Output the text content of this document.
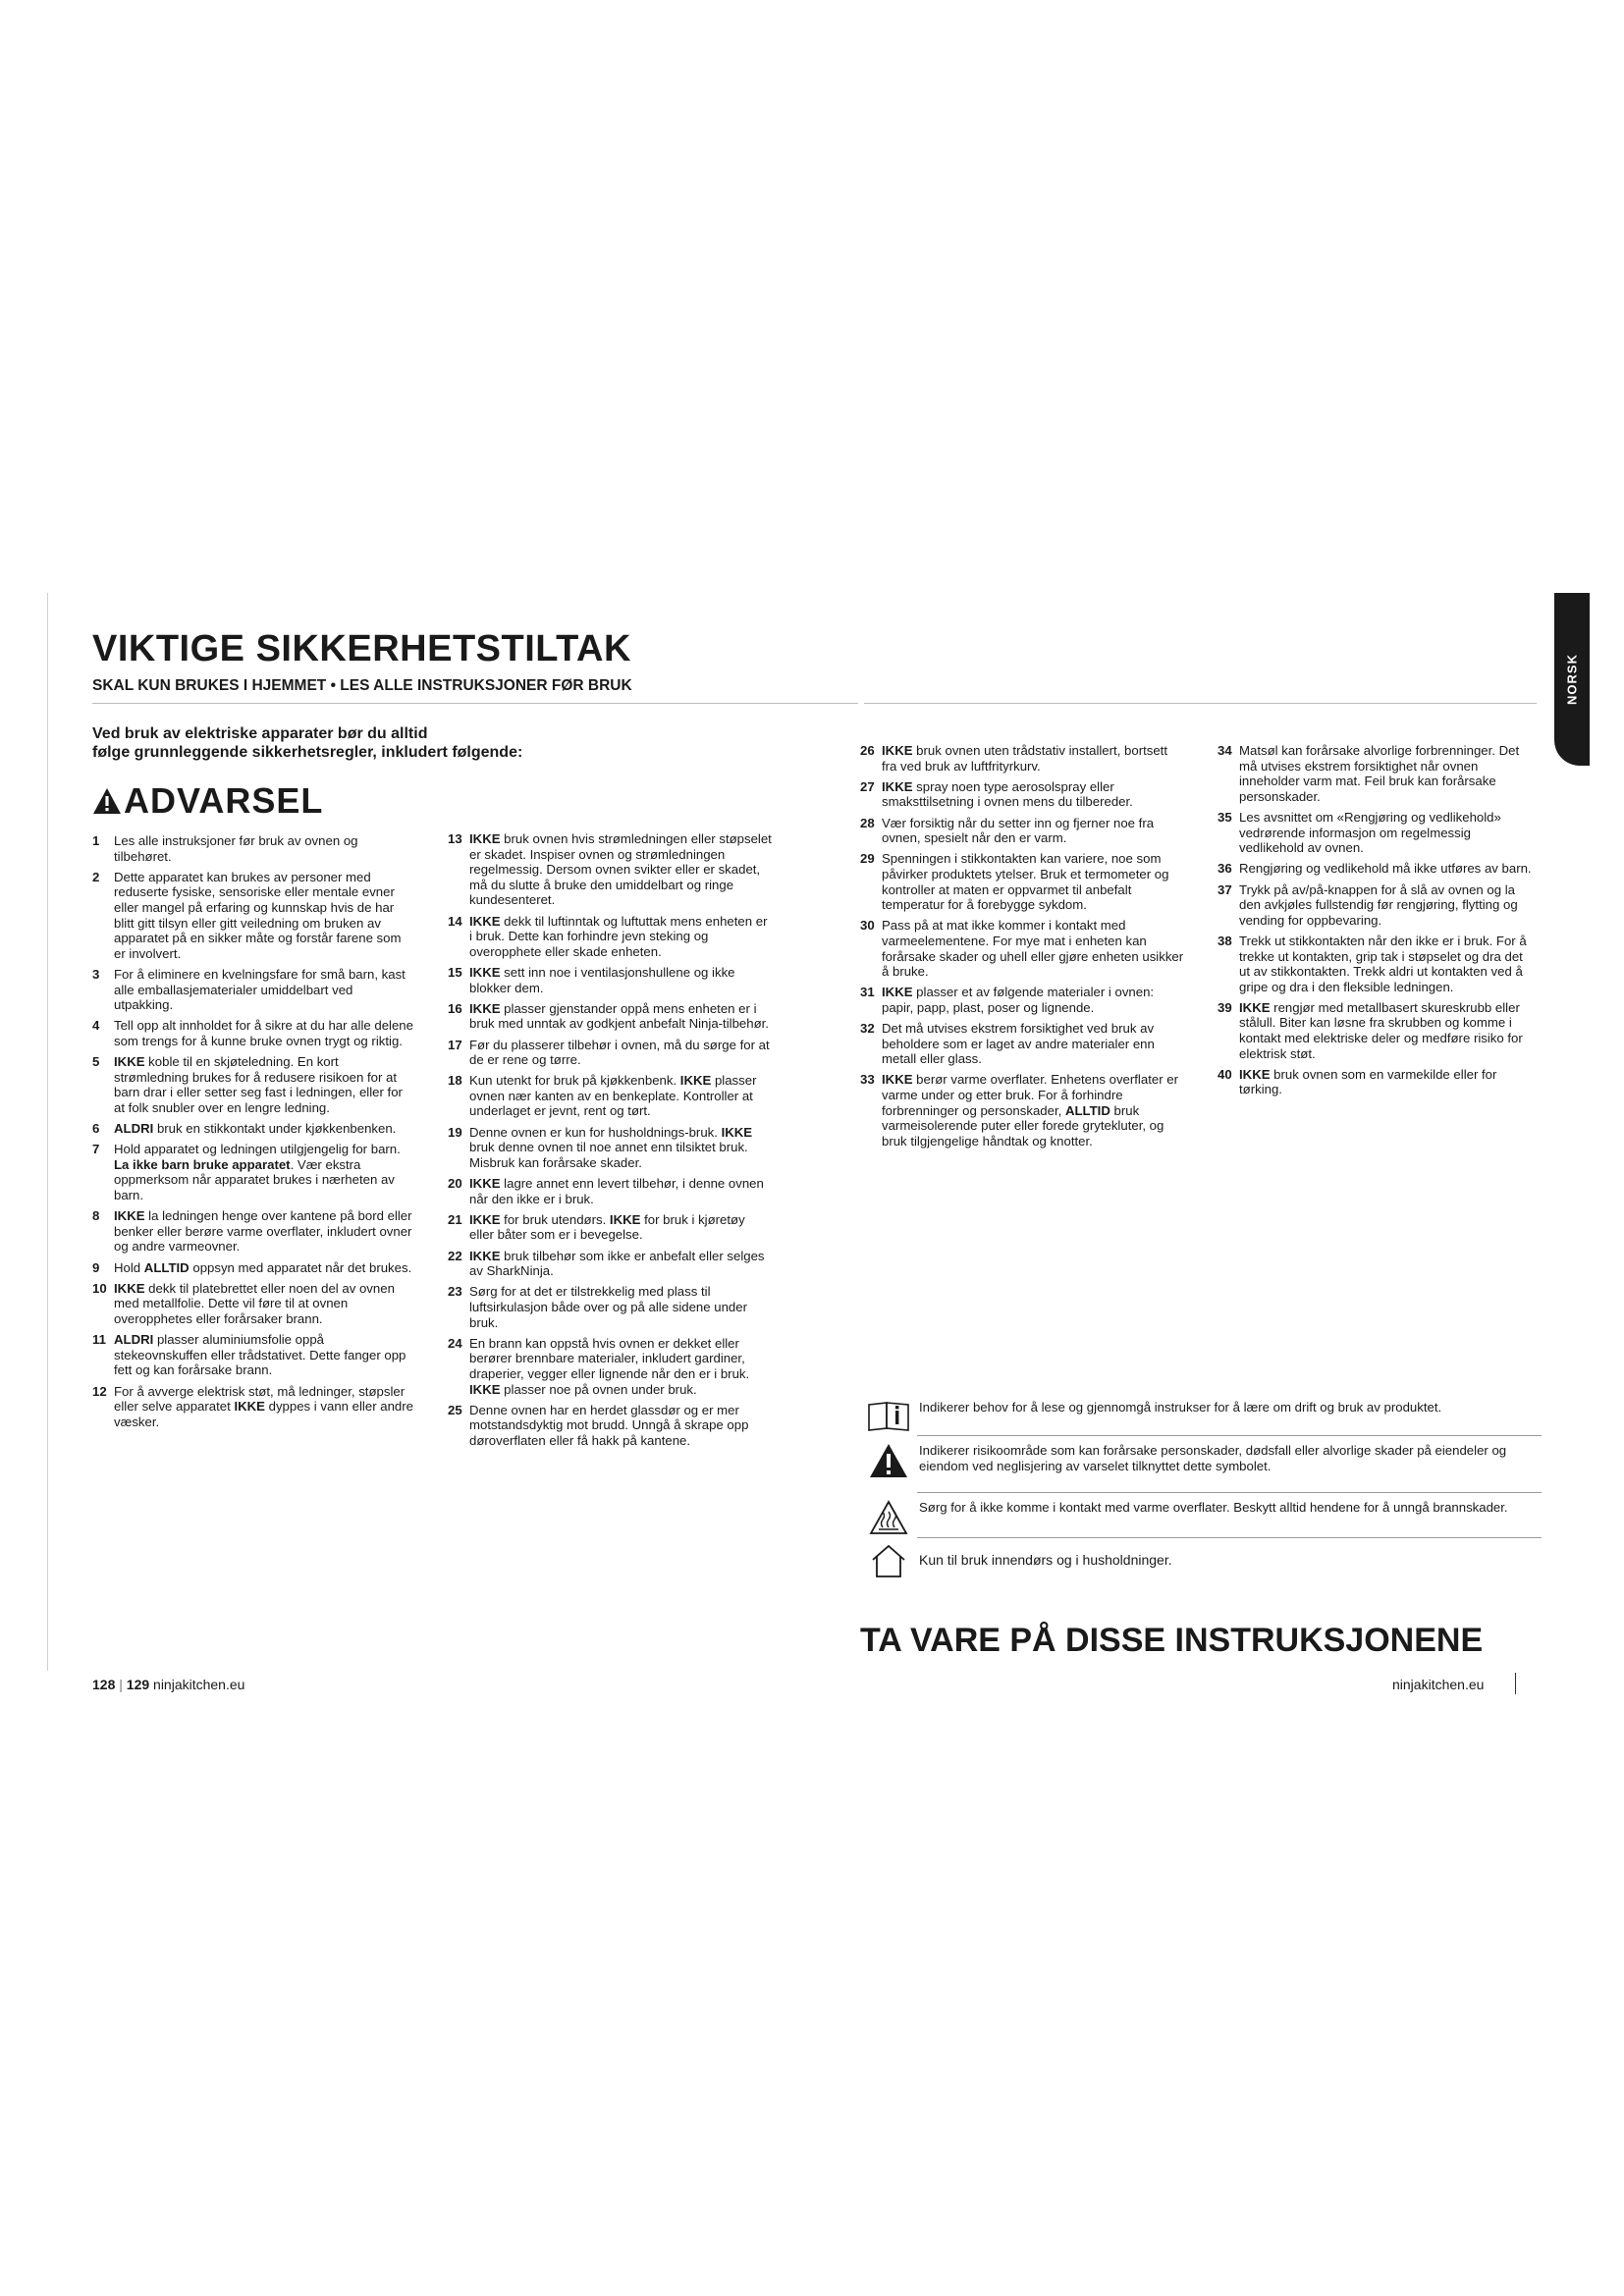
VIKTIGE SIKKERHETSTILTAK
SKAL KUN BRUKES I HJEMMET • LES ALLE INSTRUKSJONER FØR BRUK	NORSK

Ved bruk av elektriske apparater bør du alltid
følge grunnleggende sikkerhetsregler, inkludert følgende:

ADVARSEL
1	Les alle instruksjoner før bruk av ovnen og tilbehøret.
2	Dette apparatet kan brukes av personer med reduserte fysiske, sensoriske eller mentale evner eller mangel på erfaring og kunnskap hvis de har blitt gitt tilsyn eller gitt veiledning om bruken av apparatet på en sikker måte og forstår farene som er involvert.
3	For å eliminere en kvelningsfare for små barn, kast alle emballasjematerialer umiddelbart ved utpakking.
4	Tell opp alt innholdet for å sikre at du har alle delene som trengs for å kunne bruke ovnen trygt og riktig.
5	IKKE koble til en skjøteledning. En kort strømledning brukes for å redusere risikoen for at barn drar i eller setter seg fast i ledningen, eller for at folk snubler over en lengre ledning.
6	ALDRI bruk en stikkontakt under kjøkkenbenken.
7	Hold apparatet og ledningen utilgjengelig for barn. La ikke barn bruke apparatet. Vær ekstra oppmerksom når apparatet brukes i nærheten av barn.
8	IKKE la ledningen henge over kantene på bord eller benker eller berøre varme overflater, inkludert ovner og andre varmeovner.
9	Hold ALLTID oppsyn med apparatet når det brukes.
10 IKKE dekk til platebrettet eller noen del av ovnen med metallfolie. Dette vil føre til at ovnen overopphetes eller forårsaker brann.
11 ALDRI plasser aluminiumsfolie oppå stekeovnskuffen eller trådstativet. Dette fanger opp fett og kan forårsake brann.
12 For å avverge elektrisk støt, må ledninger, støpsler eller selve apparatet IKKE dyppes i vann eller andre væsker.
13 IKKE bruk ovnen hvis strømledningen eller støpselet er skadet. Inspiser ovnen og strømledningen regelmessig. Dersom ovnen svikter eller er skadet, må du slutte å bruke den umiddelbart og ringe kundesenteret.
14 IKKE dekk til luftinntak og luftuttak mens enheten er i bruk. Dette kan forhindre jevn steking og overopphete eller skade enheten.
15 IKKE sett inn noe i ventilasjonshullene og ikke blokker dem.
16 IKKE plasser gjenstander oppå mens enheten er i bruk med unntak av godkjent anbefalt Ninja-tilbehør.
17 Før du plasserer tilbehør i ovnen, må du sørge for at de er rene og tørre.
18 Kun utenkt for bruk på kjøkkenbenk. IKKE plasser ovnen nær kanten av en benkeplate. Kontroller at underlaget er jevnt, rent og tørt.
19 Denne ovnen er kun for husholdnings-bruk. IKKE bruk denne ovnen til noe annet enn tilsiktet bruk. Misbruk kan forårsake skader.
20 IKKE lagre annet enn levert tilbehør, i denne ovnen når den ikke er i bruk.
21 IKKE for bruk utendørs. IKKE for bruk i kjøretøy eller båter som er i bevegelse.
22 IKKE bruk tilbehør som ikke er anbefalt eller selges av SharkNinja.
23 Sørg for at det er tilstrekkelig med plass til luftsirkulasjon både over og på alle sidene under bruk.
24 En brann kan oppstå hvis ovnen er dekket eller berører brennbare materialer, inkludert gardiner, draperier, vegger eller lignende når den er i bruk. IKKE plasser noe på ovnen under bruk.
25 Denne ovnen har en herdet glassdør og er mer motstandsdyktig mot brudd. Unngå å skrape opp døroverflaten eller få hakk på kantene.
26 IKKE bruk ovnen uten trådstativ installert, bortsett fra ved bruk av luftfrityrkurv.
27 IKKE spray noen type aerosolspray eller smaksttilsetning i ovnen mens du tilbereder.
28 Vær forsiktig når du setter inn og fjerner noe fra ovnen, spesielt når den er varm.
29 Spenningen i stikkontakten kan variere, noe som påvirker produktets ytelser. Bruk et termometer og kontroller at maten er oppvarmet til anbefalt temperatur for å forebygge sykdom.
30 Pass på at mat ikke kommer i kontakt med varmeelementene. For mye mat i enheten kan forårsake skader og uhell eller gjøre enheten usikker å bruke.
31 IKKE plasser et av følgende materialer i ovnen: papir, papp, plast, poser og lignende.
32 Det må utvises ekstrem forsiktighet ved bruk av beholdere som er laget av andre materialer enn metall eller glass.
33 IKKE berør varme overflater. Enhetens overflater er varme under og etter bruk. For å forhindre forbrenninger og personskader, ALLTID bruk varmeisolerende puter eller forede grytekluter, og bruk tilgjengelige håndtak og knotter.
34 Matsøl kan forårsake alvorlige forbrenninger. Det må utvises ekstrem forsiktighet når ovnen inneholder varm mat. Feil bruk kan forårsake personskader.
35 Les avsnittet om «Rengjøring og vedlikehold» vedrørende informasjon om regelmessig vedlikehold av ovnen.
36 Rengjøring og vedlikehold må ikke utføres av barn.
37 Trykk på av/på-knappen for å slå av ovnen og la den avkjøles fullstendig før rengjøring, flytting og vending for oppbevaring.
38 Trekk ut stikkontakten når den ikke er i bruk. For å trekke ut kontakten, grip tak i støpselet og dra det ut av stikkontakten. Trekk aldri ut kontakten ved å gripe og dra i den fleksible ledningen.
39 IKKE rengjør med metallbasert skureskrubb eller stålull. Biter kan løsne fra skrubben og komme i kontakt med elektriske deler og medføre risiko for elektrisk støt.
40 IKKE bruk ovnen som en varmekilde eller for tørking.
Indikerer behov for å lese og gjennomgå instrukser for å lære om drift og bruk av produktet.
Indikerer risikoområde som kan forårsake personskader, dødsfall eller alvorlige skader på eiendeler og eiendom ved neglisjering av varselet tilknyttet dette symbolet.
Sørg for å ikke komme i kontakt med varme overflater. Beskytt alltid hendene for å unngå brannskader.
Kun til bruk innendørs og i husholdninger.
TA VARE PÅ DISSE INSTRUKSJONENE
128 | 129 ninjakitchen.eu	ninjakitchen.eu
